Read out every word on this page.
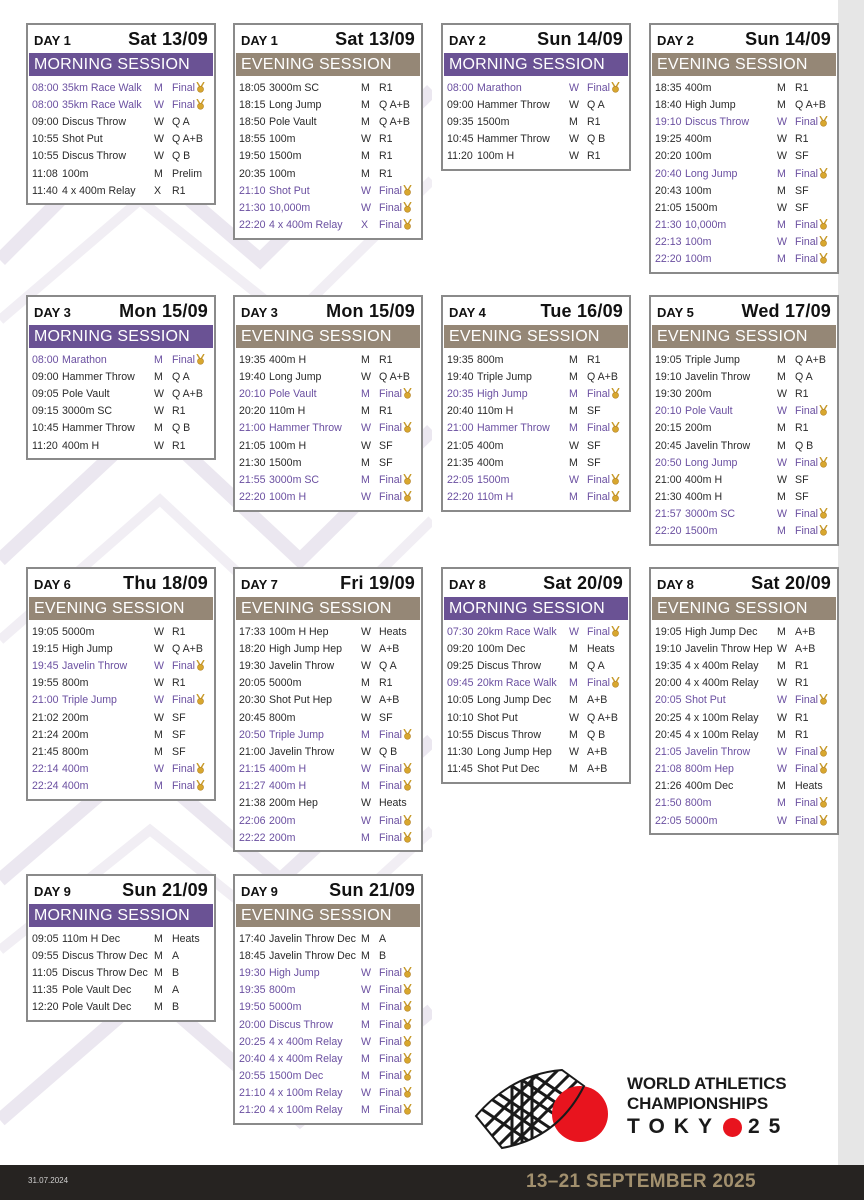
DAY 1	Sat 13/09
MORNING SESSION
08:00 35km Race Walk	M Final
08:00 35km Race Walk	W Final
09:00 Discus Throw	W Q A
10:55 Shot Put	W Q A+B
10:55 Discus Throw	W Q B
11:08 100m	M Prelim
11:40 4 x 400m Relay	X	R1
DAY 1	Sat 13/09
EVENING SESSION
18:05 3000m SC	M R1
18:15 Long Jump	M Q A+B
18:50 Pole Vault	M Q A+B
18:55 100m	W R1
19:50 1500m	M R1
20:35 100m	M R1
21:10 Shot Put	W Final
21:30 10,000m	W Final
22:20 4 x 400m Relay	X	Final
DAY 2	Sun 14/09
MORNING SESSION
08:00 Marathon	W Final
09:00 Hammer Throw	W Q A
09:35 1500m	M R1
10:45 Hammer Throw	W Q B
11:20 100m H	W R1
DAY 2	Sun 14/09
EVENING SESSION
18:35 400m	M R1
18:40 High Jump	M Q A+B
19:10 Discus Throw	W Final
19:25 400m	W R1
20:20 100m	W SF
20:40 Long Jump	M Final
20:43 100m	M SF
21:05 1500m	W SF
21:30 10,000m	M Final
22:13 100m	W Final
22:20 100m	M Final
DAY 3	Mon 15/09
MORNING SESSION
08:00 Marathon	M Final
09:00 Hammer Throw	M Q A
09:05 Pole Vault	W Q A+B
09:15 3000m SC	W R1
10:45 Hammer Throw	M Q B
11:20 400m H	W R1
DAY 3	Mon 15/09
EVENING SESSION
19:35 400m H	M R1
19:40 Long Jump	W Q A+B
20:10 Pole Vault	M Final
20:20 110m H	M R1
21:00 Hammer Throw	W Final
21:05 100m H	W SF
21:30 1500m	M SF
21:55 3000m SC	M Final
22:20 100m H	W Final
DAY 4	Tue 16/09
EVENING SESSION
19:35 800m	M R1
19:40 Triple Jump	M Q A+B
20:35 High Jump	M Final
20:40 110m H	M SF
21:00 Hammer Throw	M Final
21:05 400m	W SF
21:35 400m	M SF
22:05 1500m	W Final
22:20 110m H	M Final
DAY 5	Wed 17/09
EVENING SESSION
19:05 Triple Jump	M Q A+B
19:10 Javelin Throw	M Q A
19:30 200m	W R1
20:10 Pole Vault	W Final
20:15 200m	M R1
20:45 Javelin Throw	M Q B
20:50 Long Jump	W Final
21:00 400m H	W SF
21:30 400m H	M SF
21:57 3000m SC	W Final
22:20 1500m	M Final
DAY 6	Thu 18/09
EVENING SESSION
19:05 5000m	W R1
19:15 High Jump	W Q A+B
19:45 Javelin Throw	W Final
19:55 800m	W R1
21:00 Triple Jump	W Final
21:02 200m	W SF
21:24 200m	M SF
21:45 800m	M SF
22:14 400m	W Final
22:24 400m	M Final
DAY 7	Fri 19/09
EVENING SESSION
17:33 100m H Hep	W Heats
18:20 High Jump Hep	W A+B
19:30 Javelin Throw	W Q A
20:05 5000m	M R1
20:30 Shot Put Hep	W A+B
20:45 800m	W SF
20:50 Triple Jump	M Final
21:00 Javelin Throw	W Q B
21:15 400m H	W Final
21:27 400m H	M Final
21:38 200m Hep	W Heats
22:06 200m	W Final
22:22 200m	M Final
DAY 8	Sat 20/09
MORNING SESSION
07:30 20km Race Walk	W Final
09:20 100m Dec	M Heats
09:25 Discus Throw	M Q A
09:45 20km Race Walk	M Final
10:05 Long Jump Dec	M A+B
10:10 Shot Put	W Q A+B
10:55 Discus Throw	M Q B
11:30 Long Jump Hep	W A+B
11:45 Shot Put Dec	M A+B
DAY 8	Sat 20/09
EVENING SESSION
19:05 High Jump Dec	M A+B
19:10 Javelin Throw Hep W A+B
19:35 4 x 400m Relay	M R1
20:00 4 x 400m Relay	W R1
20:05 Shot Put	W Final
20:25 4 x 100m Relay	W R1
20:45 4 x 100m Relay	M R1
21:05 Javelin Throw	W Final
21:08 800m Hep	W Final
21:26 400m Dec	M Heats
21:50 800m	M Final
22:05 5000m	W Final
DAY 9	Sun 21/09
MORNING SESSION
09:05 110m H Dec	M Heats
09:55 Discus Throw Dec M A
11:05 Discus Throw Dec M B
11:35 Pole Vault Dec	M A
12:20 Pole Vault Dec	M B
DAY 9	Sun 21/09
EVENING SESSION
17:40 Javelin Throw Dec M A
18:45 Javelin Throw Dec M B
19:30 High Jump	W Final
19:35 800m	W Final
19:50 5000m	M Final
20:00 Discus Throw	M Final
20:25 4 x 400m Relay	W Final
20:40 4 x 400m Relay	M Final
20:55 1500m Dec	M Final
21:10 4 x 100m Relay	W Final
21:20 4 x 100m Relay	M Final
WORLD ATHLETICS
CHAMPIONSHIPS
TOKY 25
31.07.2024	13–21 SEPTEMBER 2025
